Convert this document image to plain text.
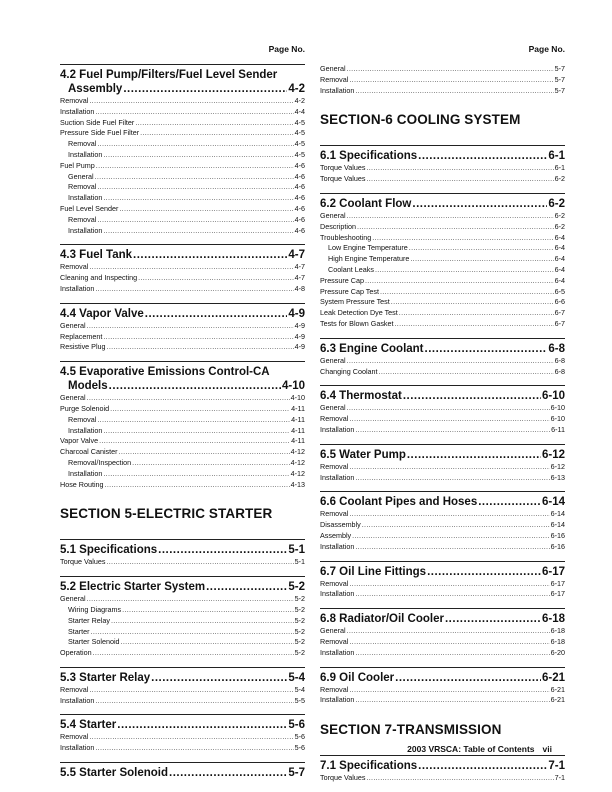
Page No.
4.2 Fuel Pump/Filters/Fuel Level Sender
Assembly .....	4-2
Removal .....	4-2
Installation .....	4-4
Suction Side Fuel Filter .....	4-5
Pressure Side Fuel Filter .....	4-5
Removal .....	4-5
Installation .....	4-5
Fuel Pump .....	4-6
General .....	4-6
Removal .....	4-6
Installation .....	4-6
Fuel Level Sender .....	4-6
Removal .....	4-6
Installation .....	4-6
4.3 Fuel Tank .....	4-7
Removal .....	4-7
Cleaning and Inspecting .....	4-7
Installation .....	4-8
4.4 Vapor Valve .....	4-9
General .....	4-9
Replacement .....	4-9
Resistive Plug .....	4-9
4.5 Evaporative Emissions Control-CA
Models .....	4-10
General .....	4-10
Purge Solenoid .....	4-11
Removal .....	4-11
Installation .....	4-11
Vapor Valve .....	4-11
Charcoal Canister .....	4-12
Removal/Inspection .....	4-12
Installation .....	4-12
Hose Routing .....	4-13
SECTION 5-ELECTRIC STARTER
5.1 Specifications .....	5-1
Torque Values .....	5-1
5.2 Electric Starter System .....	5-2
General .....	5-2
Wiring Diagrams .....	5-2
Starter Relay .....	5-2
Starter .....	5-2
Starter Solenoid .....	5-2
Operation .....	5-2
5.3 Starter Relay .....	5-4
Removal .....	5-4
Installation .....	5-5
5.4 Starter .....	5-6
Removal .....	5-6
Installation .....	5-6
5.5 Starter Solenoid .....	5-7
Page No.
General .....	5-7
Removal .....	5-7
Installation .....	5-7
SECTION-6 COOLING SYSTEM
6.1 Specifications .....	6-1
Torque Values .....	6-1
Torque Values .....	6-2
6.2 Coolant Flow .....	6-2
General .....	6-2
Description .....	6-2
Troubleshooting .....	6-4
Low Engine Temperature .....	6-4
High Engine Temperature .....	6-4
Coolant Leaks .....	6-4
Pressure Cap .....	6-4
Pressure Cap Test .....	6-5
System Pressure Test .....	6-6
Leak Detection Dye Test .....	6-7
Tests for Blown Gasket .....	6-7
6.3 Engine Coolant .....	6-8
General .....	6-8
Changing Coolant .....	6-8
6.4 Thermostat .....	6-10
General .....	6-10
Removal .....	6-10
Installation .....	6-11
6.5 Water Pump .....	6-12
Removal .....	6-12
Installation .....	6-13
6.6 Coolant Pipes and Hoses .....	6-14
Removal .....	6-14
Disassembly .....	6-14
Assembly .....	6-16
Installation .....	6-16
6.7 Oil Line Fittings .....	6-17
Removal .....	6-17
Installation .....	6-17
6.8 Radiator/Oil Cooler .....	6-18
General .....	6-18
Removal .....	6-18
Installation .....	6-20
6.9 Oil Cooler .....	6-21
Removal .....	6-21
Installation .....	6-21
SECTION 7-TRANSMISSION
7.1 Specifications .....	7-1
Torque Values .....	7-1
2003 VRSCA: Table of Contents vii
